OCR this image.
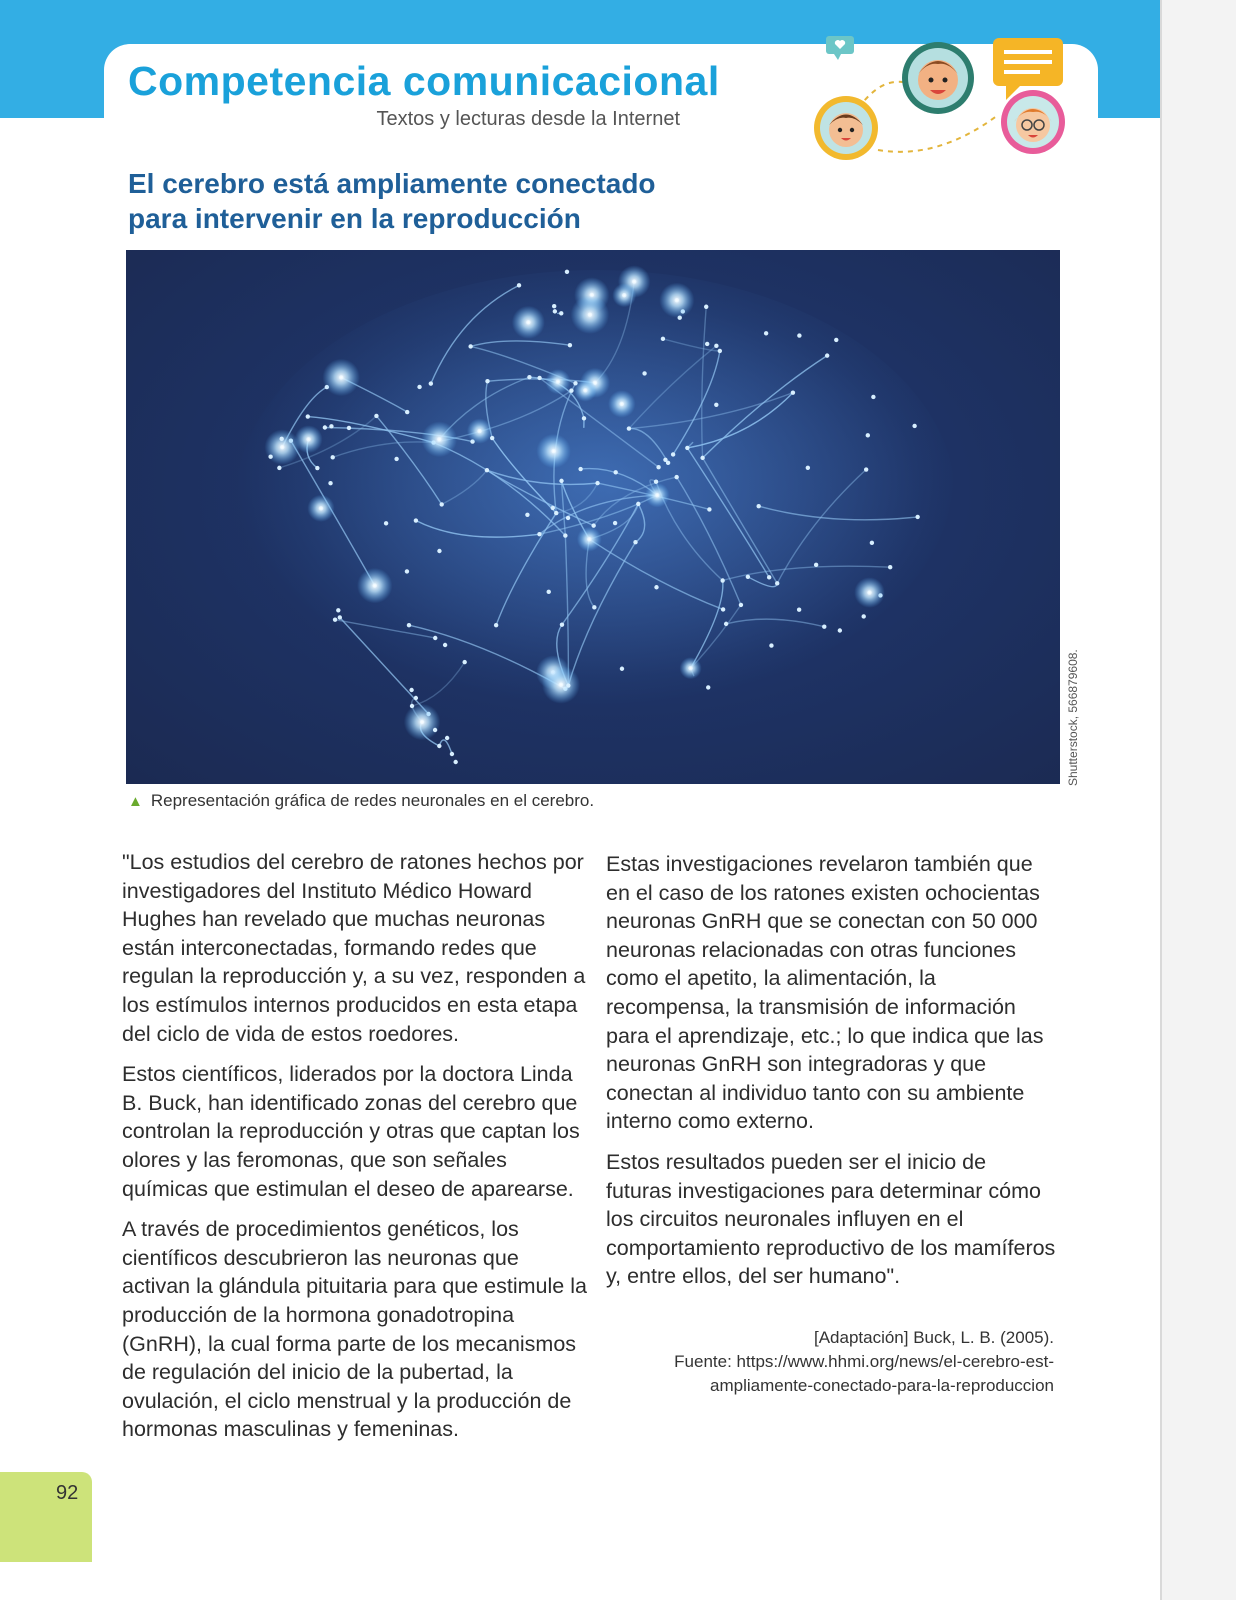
Competencia comunicacional
Textos y lecturas desde la Internet
El cerebro está ampliamente conectado
para intervenir en la reproducción
Shutterstock, 566879608.
▲ Representación gráfica de redes neuronales en el cerebro.

"Los estudios del cerebro de ratones hechos por investigadores del Instituto Médico Howard Hughes han revelado que muchas neuronas están interconectadas, formando redes que regulan la reproducción y, a su vez, responden a los estímulos internos producidos en esta etapa del ciclo de vida de estos roedores.

Estos científicos, liderados por la doctora Linda B. Buck, han identificado zonas del cerebro que controlan la reproducción y otras que captan los olores y las feromonas, que son señales químicas que estimulan el deseo de aparearse.

A través de procedimientos genéticos, los científicos descubrieron las neuronas que activan la glándula pituitaria para que estimule la producción de la hormona gonadotropina (GnRH), la cual forma parte de los mecanismos de regulación del inicio de la pubertad, la ovulación, el ciclo menstrual y la producción de hormonas masculinas y femeninas.

Estas investigaciones revelaron también que en el caso de los ratones existen ochocientas neuronas GnRH que se conectan con 50 000 neuronas relacionadas con otras funciones como el apetito, la alimentación, la recompensa, la transmisión de información para el aprendizaje, etc.; lo que indica que las neuronas GnRH son integradoras y que conectan al individuo tanto con su ambiente interno como externo.

Estos resultados pueden ser el inicio de futuras investigaciones para determinar cómo los circuitos neuronales influyen en el comportamiento reproductivo de los mamíferos y, entre ellos, del ser humano".

[Adaptación] Buck, L. B. (2005).
Fuente: https://www.hhmi.org/news/el-cerebro-est-
ampliamente-conectado-para-la-reproduccion
92
